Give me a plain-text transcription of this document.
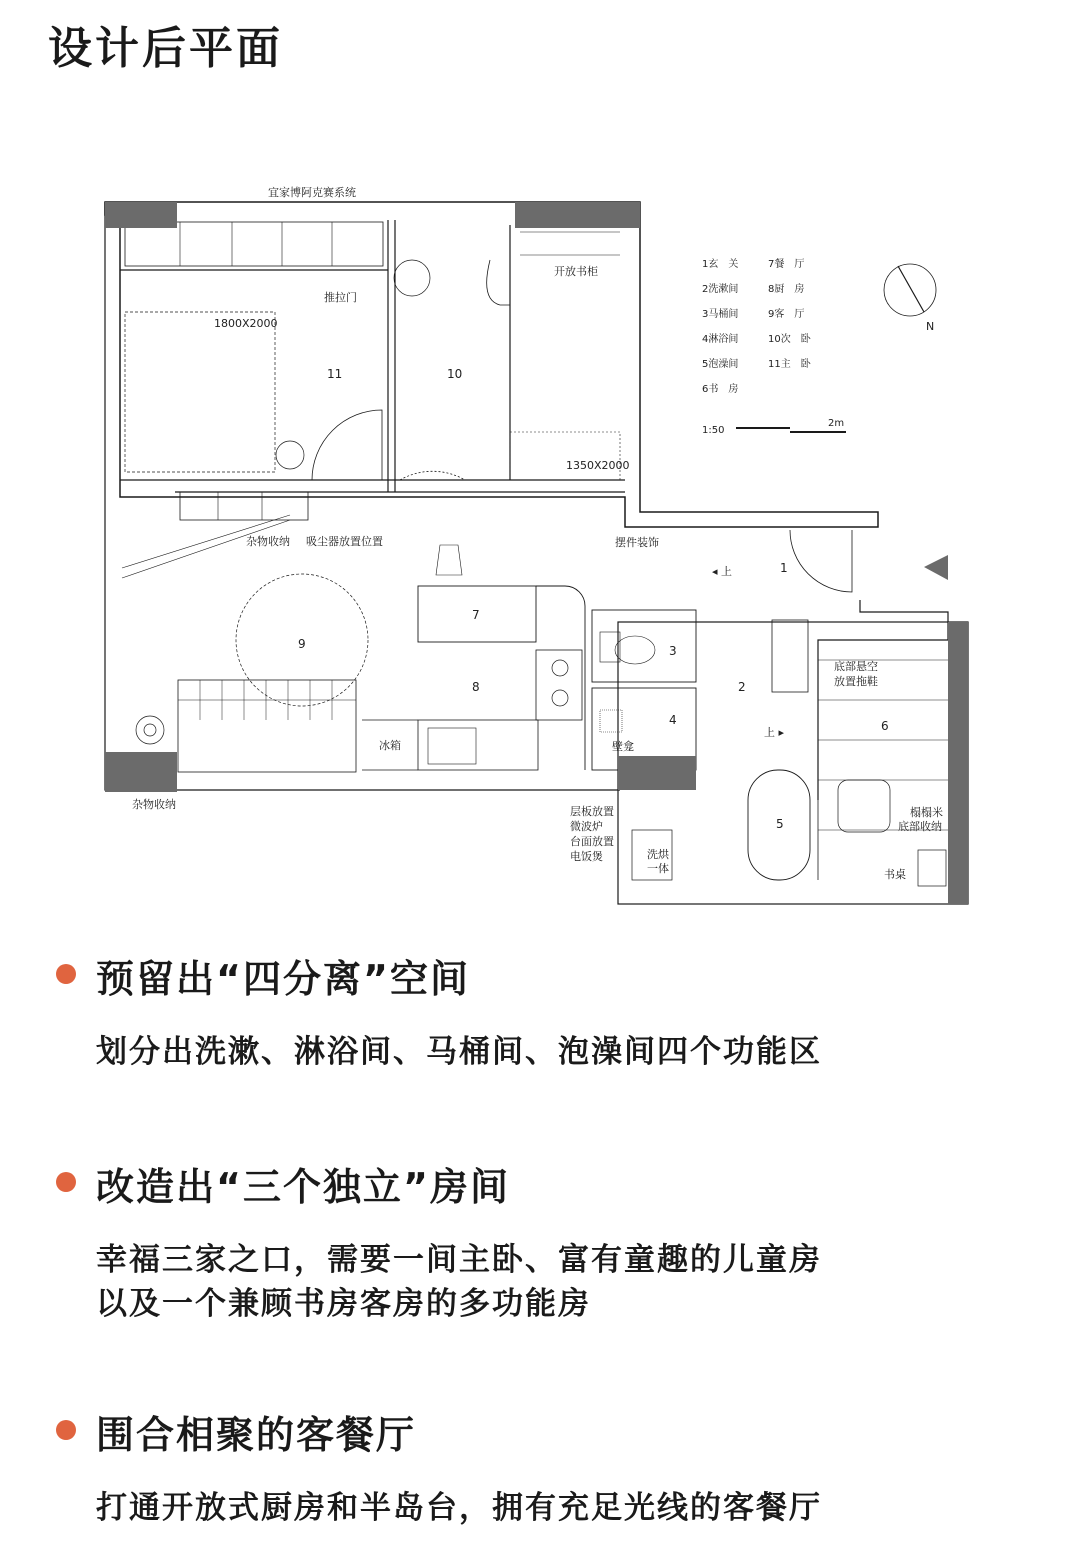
设计后平面
宜家博阿克赛系统
推拉门
1800X2000
开放书柜
1350X2000
杂物收纳 吸尘器放置位置	摆件装饰
◂ 上
上 ▸
冰箱	壁龛
书桌
杂物收纳
底部悬空放置拖鞋
榻榻米底部收纳
层板放置微波炉台面放置电饭煲	洗烘一体
1
2
3
4
5
6
7
8
9
10
11
1玄　关
2洗漱间
3马桶间
4淋浴间
5泡澡间
6书　房
7餐　厅
8厨　房
9客　厅
10次　卧
11主　卧
1:50
2m
N
预留出“四分离”空间

划分出洗漱、淋浴间、马桶间、泡澡间四个功能区

改造出“三个独立”房间

幸福三家之口，需要一间主卧、富有童趣的儿童房
以及一个兼顾书房客房的多功能房

围合相聚的客餐厅

打通开放式厨房和半岛台，拥有充足光线的客餐厅
